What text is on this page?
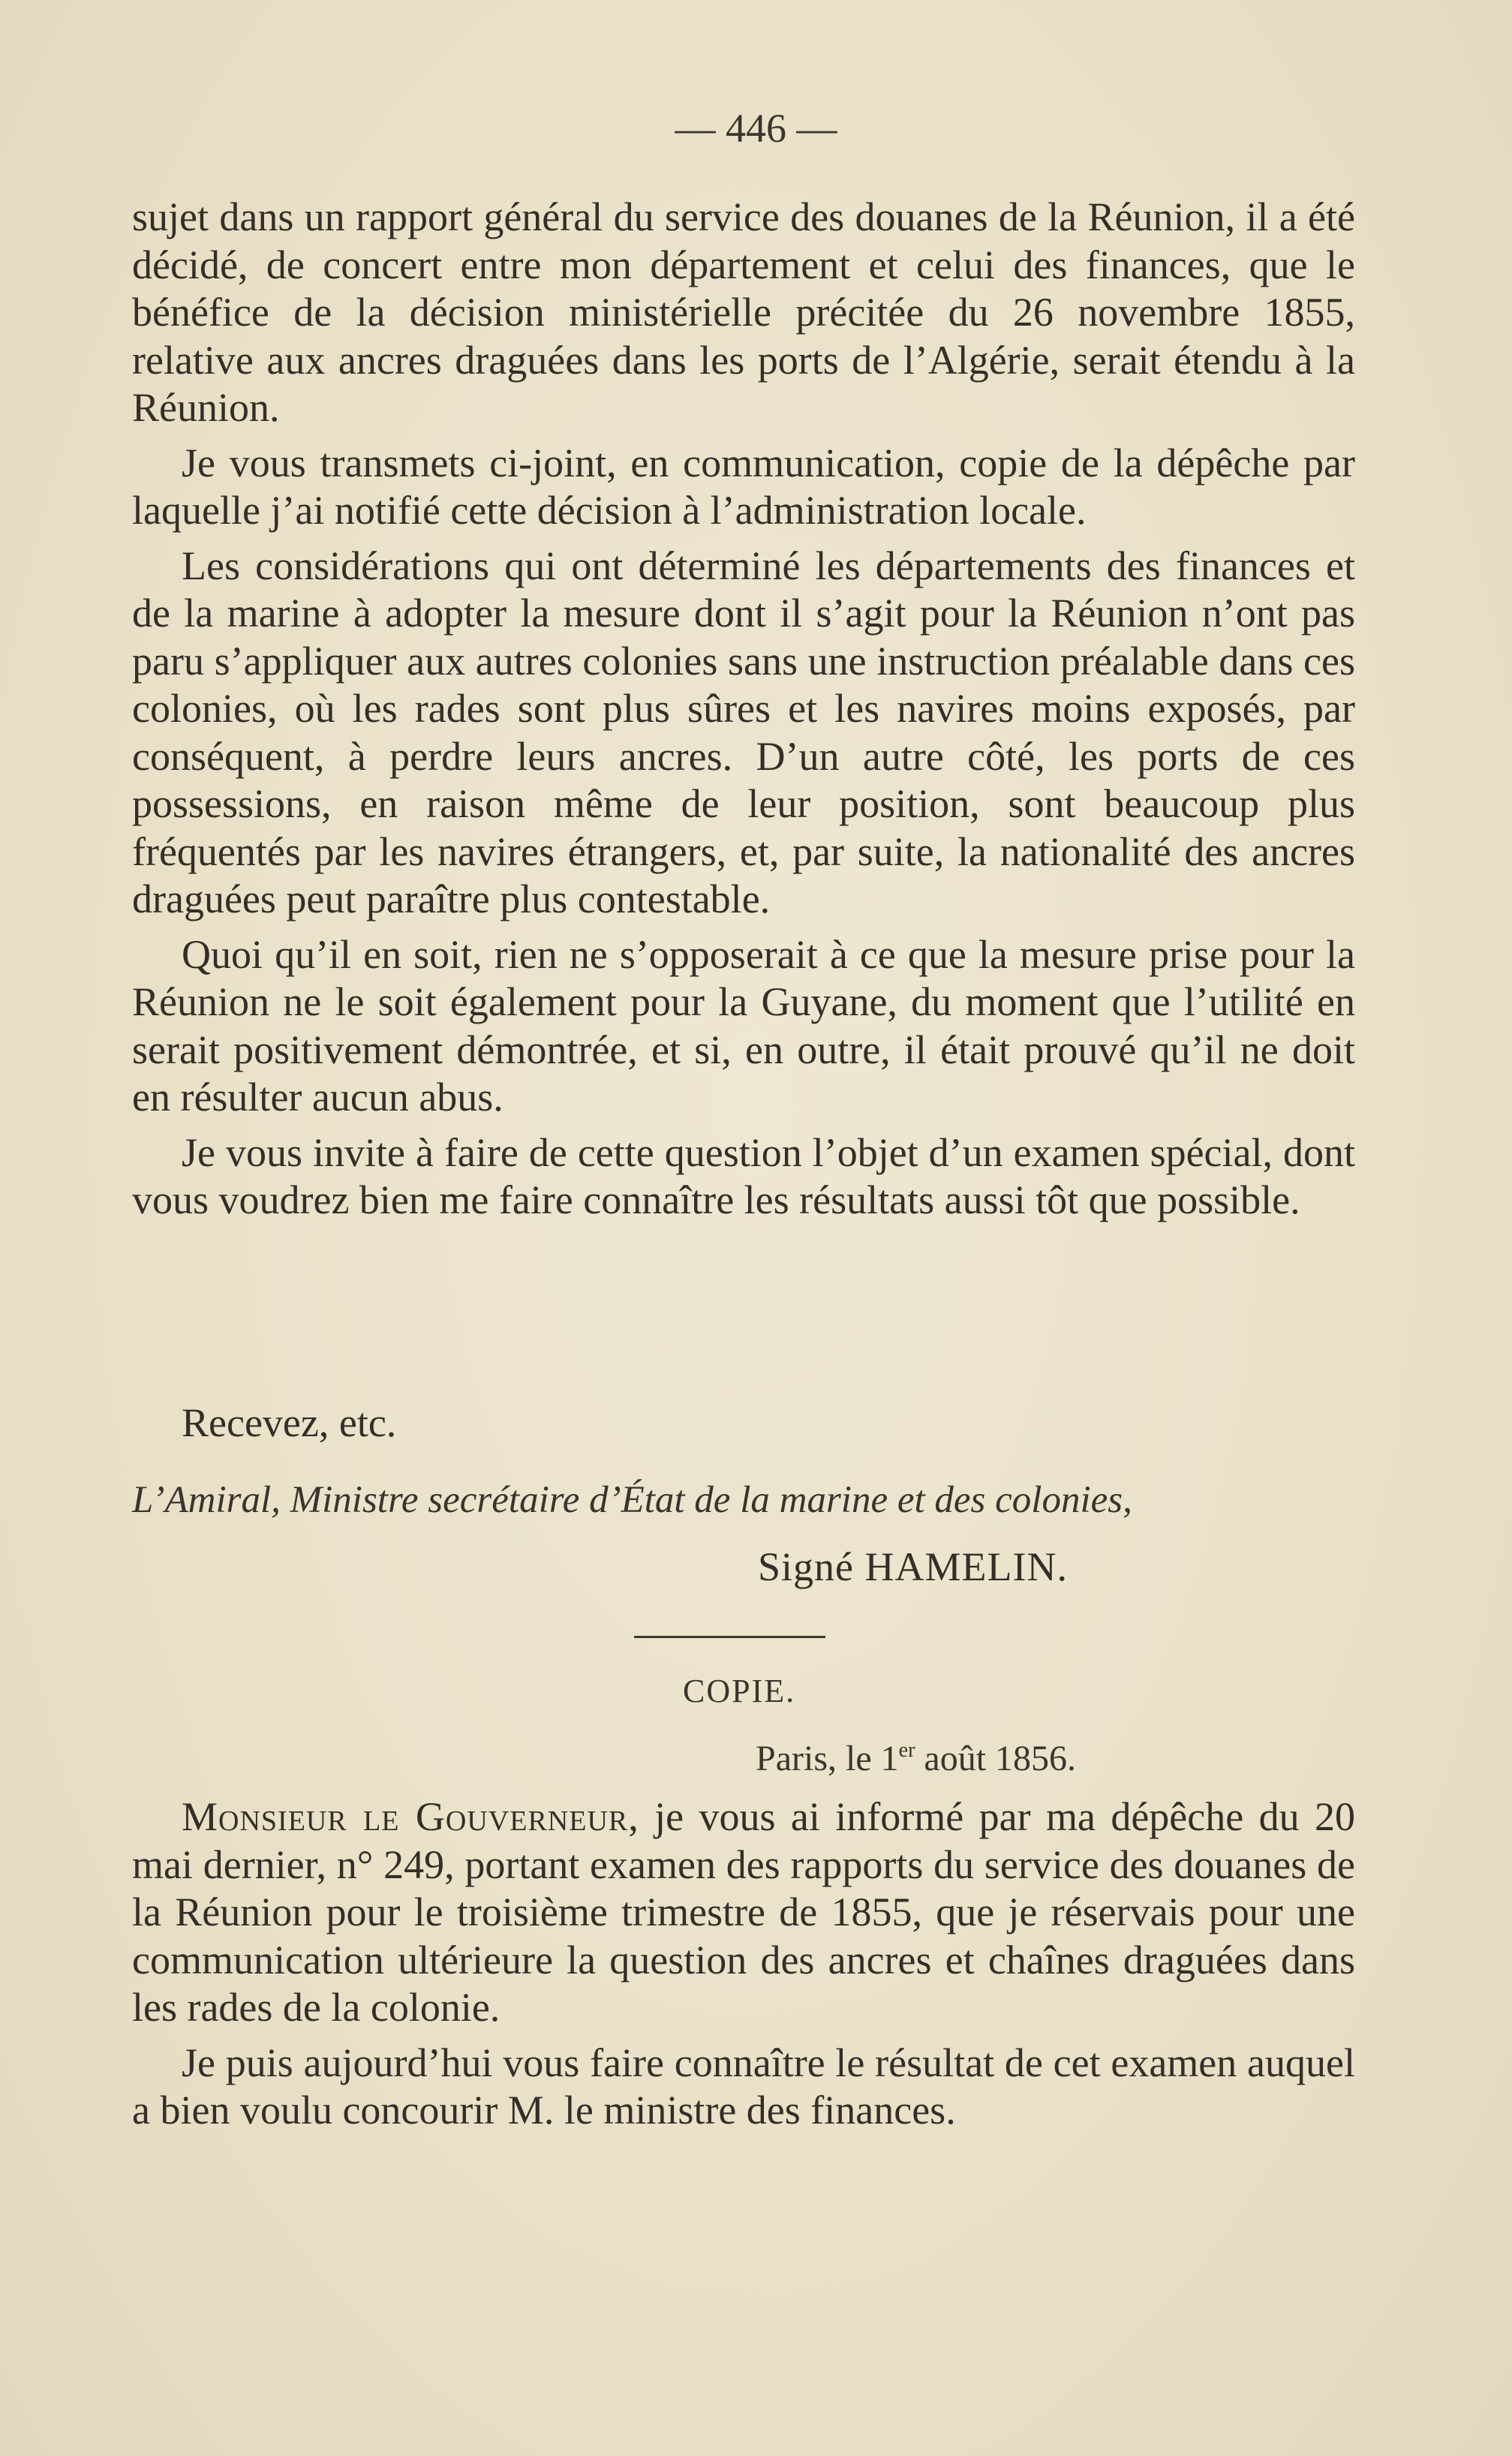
— 446 —

sujet dans un rapport général du service des douanes de la Réunion, il a été décidé, de concert entre mon département et celui des finances, que le bénéfice de la décision ministérielle précitée du 26 novembre 1855, relative aux ancres draguées dans les ports de l’Algérie, serait étendu à la Réunion.

Je vous transmets ci-joint, en communication, copie de la dépêche par laquelle j’ai notifié cette décision à l’administration locale.

Les considérations qui ont déterminé les départements des finances et de la marine à adopter la mesure dont il s’agit pour la Réunion n’ont pas paru s’appliquer aux autres colonies sans une instruction préalable dans ces colonies, où les rades sont plus sûres et les navires moins exposés, par conséquent, à perdre leurs ancres. D’un autre côté, les ports de ces possessions, en raison même de leur position, sont beaucoup plus fréquentés par les navires étrangers, et, par suite, la nationalité des ancres draguées peut paraître plus contestable.

Quoi qu’il en soit, rien ne s’opposerait à ce que la mesure prise pour la Réunion ne le soit également pour la Guyane, du moment que l’utilité en serait positivement démontrée, et si, en outre, il était prouvé qu’il ne doit en résulter aucun abus.

Je vous invite à faire de cette question l’objet d’un examen spécial, dont vous voudrez bien me faire connaître les résultats aussi tôt que possible.

Recevez, etc.
L’Amiral, Ministre secrétaire d’État de la marine et des colonies,
Signé HAMELIN.
COPIE.
Paris, le 1er août 1856.

Monsieur le Gouverneur, je vous ai informé par ma dépêche du 20 mai dernier, n° 249, portant examen des rapports du service des douanes de la Réunion pour le troisième trimestre de 1855, que je réservais pour une communication ultérieure la question des ancres et chaînes draguées dans les rades de la colonie.

Je puis aujourd’hui vous faire connaître le résultat de cet examen auquel a bien voulu concourir M. le ministre des finances.
